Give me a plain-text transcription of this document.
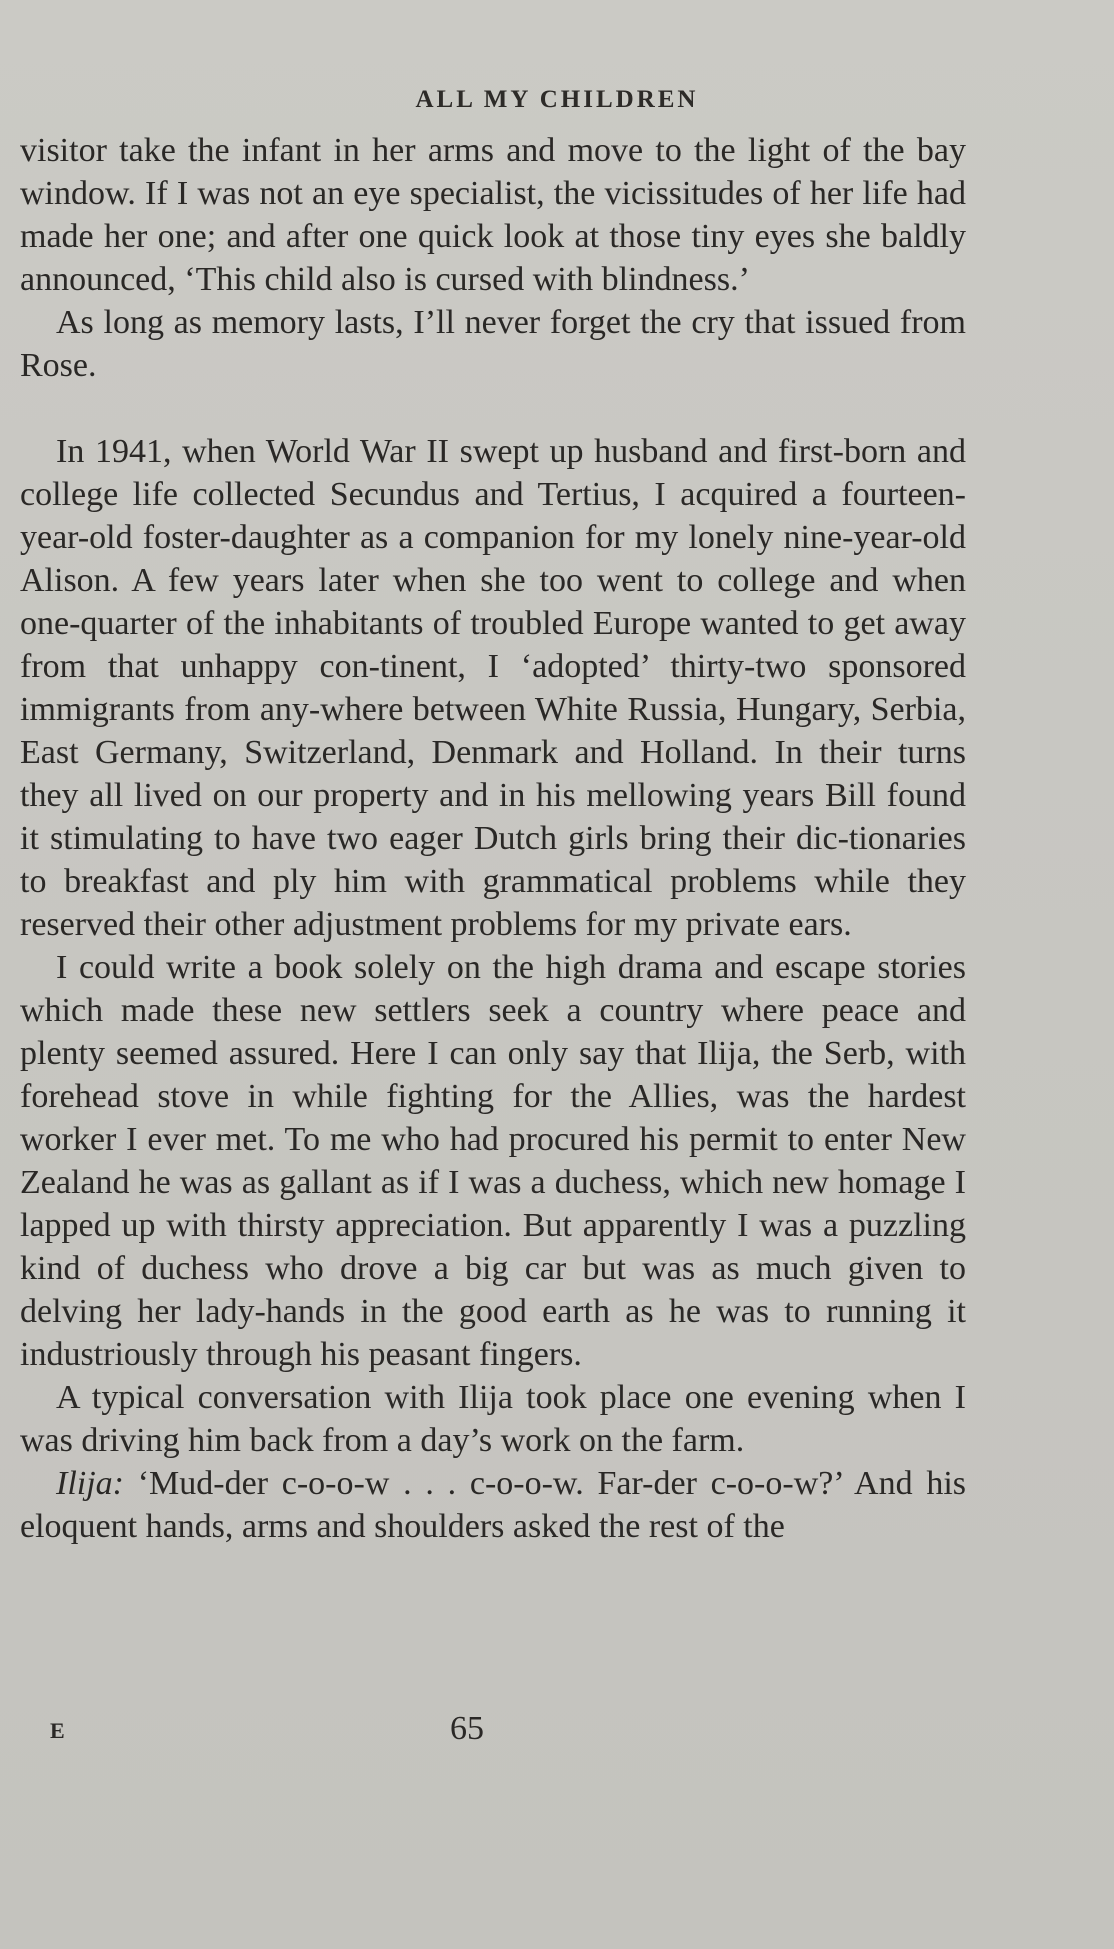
ALL MY CHILDREN

visitor take the infant in her arms and move to the light of the bay window. If I was not an eye specialist, the vicissitudes of her life had made her one; and after one quick look at those tiny eyes she baldly announced, ‘This child also is cursed with blindness.’

As long as memory lasts, I’ll never forget the cry that issued from Rose.

In 1941, when World War II swept up husband and first-born and college life collected Secundus and Tertius, I acquired a fourteen-year-old foster-daughter as a companion for my lonely nine-year-old Alison. A few years later when she too went to college and when one-quarter of the inhabitants of troubled Europe wanted to get away from that unhappy con-tinent, I ‘adopted’ thirty-two sponsored immigrants from any-where between White Russia, Hungary, Serbia, East Germany, Switzerland, Denmark and Holland. In their turns they all lived on our property and in his mellowing years Bill found it stimulating to have two eager Dutch girls bring their dic-tionaries to breakfast and ply him with grammatical problems while they reserved their other adjustment problems for my private ears.

I could write a book solely on the high drama and escape stories which made these new settlers seek a country where peace and plenty seemed assured. Here I can only say that Ilija, the Serb, with forehead stove in while fighting for the Allies, was the hardest worker I ever met. To me who had procured his permit to enter New Zealand he was as gallant as if I was a duchess, which new homage I lapped up with thirsty appreciation. But apparently I was a puzzling kind of duchess who drove a big car but was as much given to delving her lady-hands in the good earth as he was to running it industriously through his peasant fingers.

A typical conversation with Ilija took place one evening when I was driving him back from a day’s work on the farm.

Ilija: ‘Mud-der c-o-o-w . . . c-o-o-w. Far-der c-o-o-w?’ And his eloquent hands, arms and shoulders asked the rest of the

E	65
